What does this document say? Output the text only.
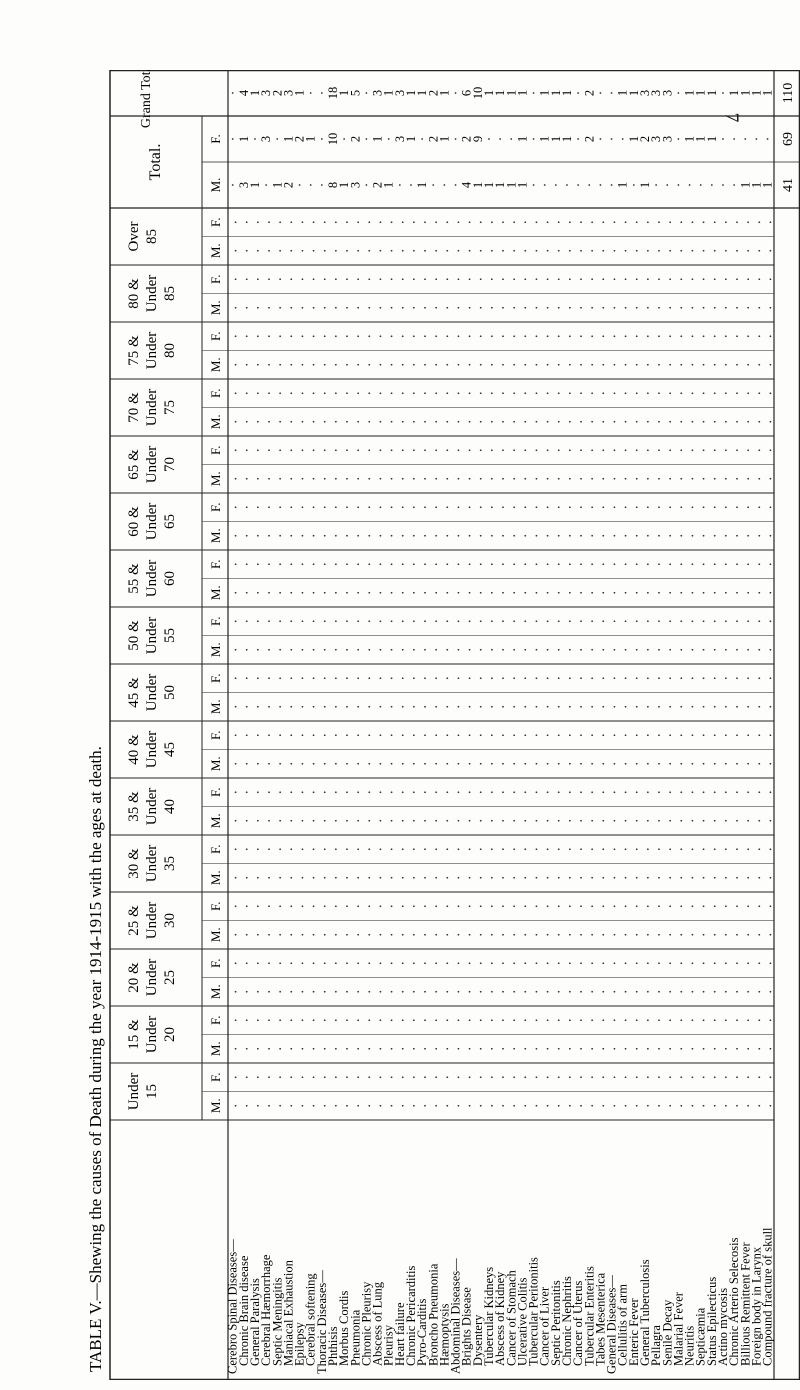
7
TABLE V.—Shewing the causes of Death during the year 1914-1915 with the ages at death. Under 15
M.
F.
15 & Under 20
M.
F.
20 & Under 25
M.
F.
25 & Under 30
M.
F.
30 & Under 35
M.
F.
35 & Under 40
M.
F.
40 & Under 45
M.
F.
45 & Under 50
M.
F.
50 & Under 55
M.
F.
55 & Under 60
M.
F.
60 & Under 65
M.
F.
65 & Under 70
M.
F.
70 & Under 75
M.
F.
75 & Under 80
M.
F.
80 & Under 85
M.
F.
Over 85
M.
F.
Total.
M.
F.
Grand Total.
Cerebro Spinal Diseases—
Chronic Brain disease
3
1
4
General Paralysis
1
1
Cerebral Hæmorrhage
3
3
Septic Meningitis
1
2
Maniacal Exhaustion
2
1
3
Epilepsy
2
1
Cerebral softening
1
Thoracic Diseases—
Phthisis
8
10
18
Morbus Cordis
1
1
Pneumonia
3
2
5
Chronic Pleurisy
Abscess of Lung
2
1
3
Pleurisy
1
1
Heart failure
3
3
Chronic Pericarditis
1
1
Pyro-Carditis
1
1
Broncho Pneumonia
2
2
Hæmoptysis
1
1
Abdominal Diseases—
Brights Disease
4
2
6
Dysentery
1
9
10
Tubercular Kidneys
1
1
Abscess of Kidney
1
1
Cancer of Stomach
1
1
Ulcerative Colitis
1
1
1
Tubercular Peritonitis
Cancer of Liver
1
1
Septic Peritonitis
1
1
Chronic Nephritis
1
1
Cancer of Uterus
Tubercular Enteritis
2
2
Tabes Mesenterica
General Diseases—
Cellulitis of arm
1
1
Enteric Fever
1
1
General Tuberculosis
1
2
3
Pellagra
3
3
Senile Decay
3
3
Malarial Fever
Neuritis
1
1
Septicæmia
1
1
Status Epilecticus
1
1
Actino mycosis
Chronic Arterio Selecosis
1
Billious Remittent Fever
1
1
Foreign body in Larynx
1
1
Compound fracture of skull
1
1
41
69
110
